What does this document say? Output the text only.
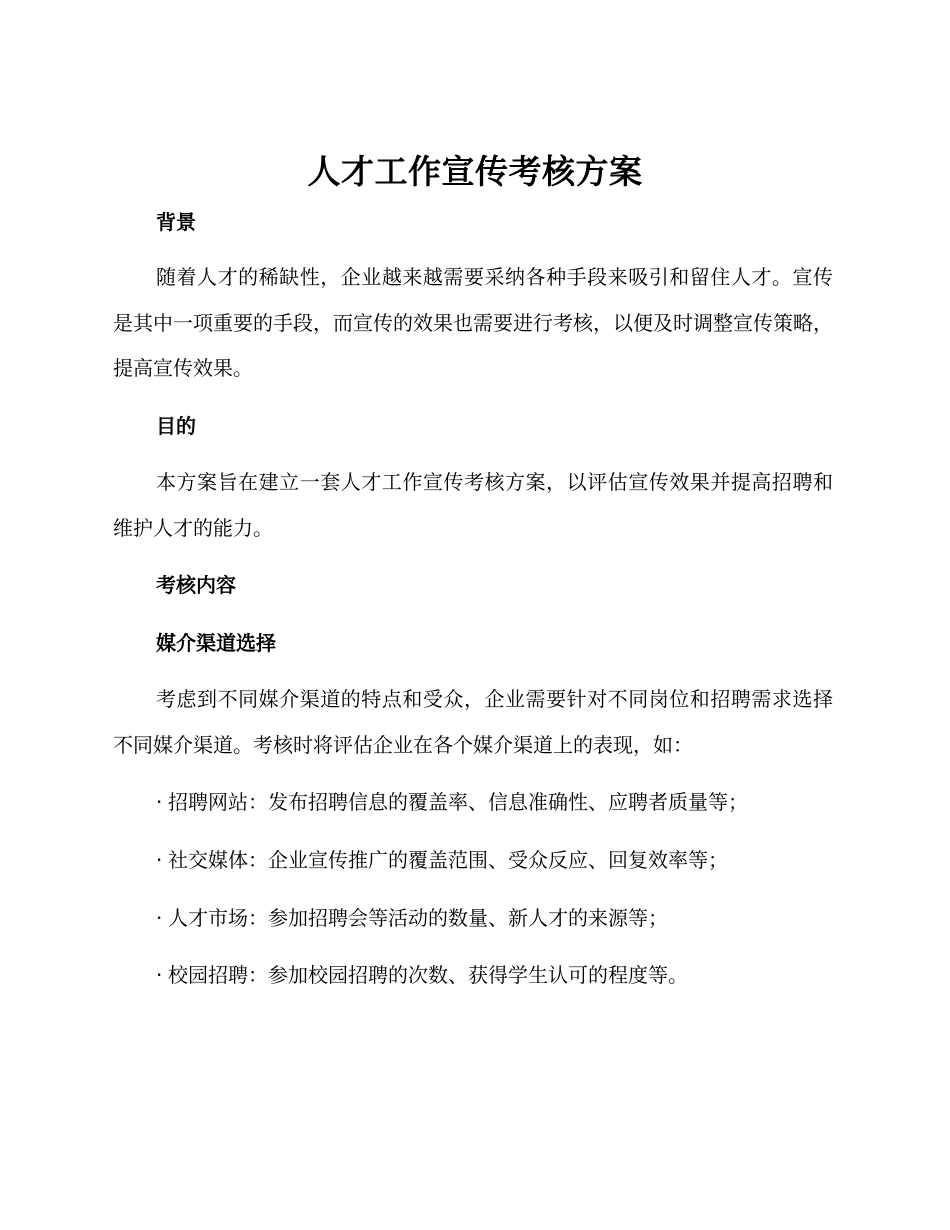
人才工作宣传考核方案
背景

随着人才的稀缺性，企业越来越需要采纳各种手段来吸引和留住人才。宣传是其中一项重要的手段，而宣传的效果也需要进行考核，以便及时调整宣传策略，提高宣传效果。

目的

本方案旨在建立一套人才工作宣传考核方案，以评估宣传效果并提高招聘和维护人才的能力。

考核内容
媒介渠道选择

考虑到不同媒介渠道的特点和受众，企业需要针对不同岗位和招聘需求选择不同媒介渠道。考核时将评估企业在各个媒介渠道上的表现，如：

· 招聘网站：发布招聘信息的覆盖率、信息准确性、应聘者质量等；
· 社交媒体：企业宣传推广的覆盖范围、受众反应、回复效率等；
· 人才市场：参加招聘会等活动的数量、新人才的来源等；
· 校园招聘：参加校园招聘的次数、获得学生认可的程度等。
